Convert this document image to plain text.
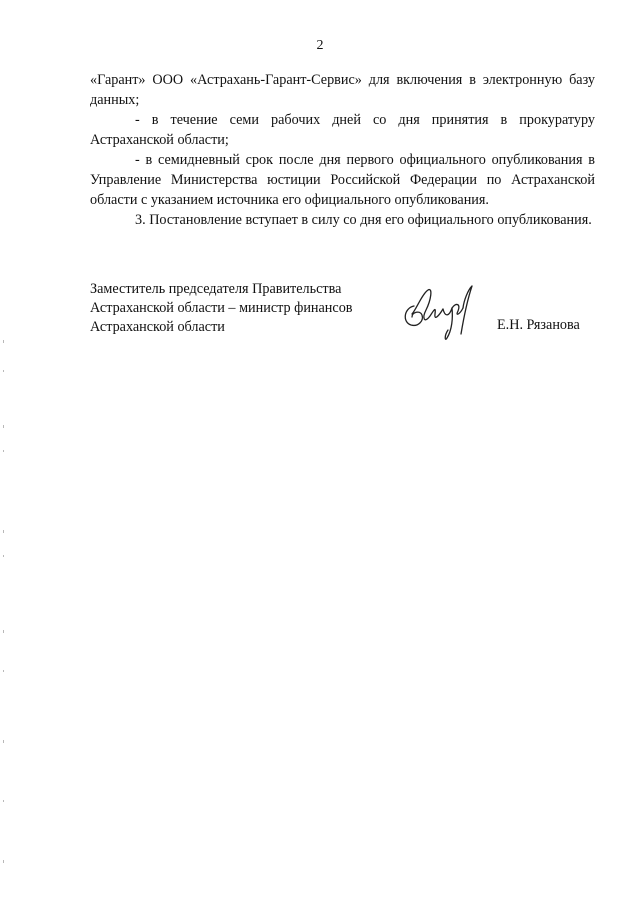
2

«Гарант» ООО «Астрахань-Гарант-Сервис» для включения в электронную базу данных;

- в течение семи рабочих дней со дня принятия в прокуратуру Астраханской области;

- в семидневный срок после дня первого официального опубликования в Управление Министерства юстиции Российской Федерации по Астраханской области с указанием источника его официального опубликования.

3. Постановление вступает в силу со дня его официального опубликования.

Заместитель председателя Правительства
Астраханской области – министр финансов
Астраханской области	Е.Н. Рязанова
